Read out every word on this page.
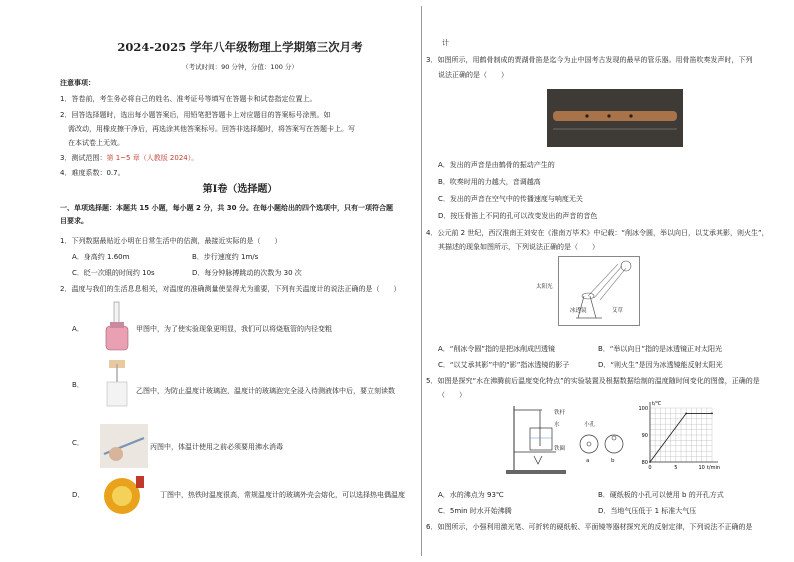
2024-2025 学年八年级物理上学期第三次月考
（考试时间：90 分钟，分值：100 分）
注意事项：
1．答卷前，考生务必将自己的姓名、准考证号等填写在答题卡和试卷指定位置上。
2．回答选择题时，选出每小题答案后，用铅笔把答题卡上对应题目的答案标号涂黑。如
需改动，用橡皮擦干净后，再选涂其他答案标号。回答非选择题时，将答案写在答题卡上。写
在本试卷上无效。
3．测试范围：第 1~5 章（人教版 2024）。
4．难度系数：0.7。
第Ⅰ卷（选择题）
一、单项选择题：本题共 15 小题，每小题 2 分，共 30 分。在每小题给出的四个选项中，只有一项符合题
目要求。
1．下列数据最贴近小明在日常生活中的估测，最接近实际的是（　　）
A．身高约 1.60m	B．步行速度约 1m/s
C．眨一次眼的时间约 10s	D．每分钟脉搏跳动的次数为 30 次
2．温度与我们的生活息息相关，对温度的准确测量使显得尤为重要，下列有关温度计的说法正确的是（　　）
A．	甲图中，为了使实验现象更明显，我们可以将烧瓶管的内径变粗
B．
乙图中，为防止温度计玻璃泡，温度计的玻璃泡完全浸入待测液体中后，要立刻读数
C．	丙图中，体温计使用之前必须要用沸水消毒
D．	丁图中，热铁时温度很高，常规温度计的玻璃外壳会熔化，可以选择热电偶温度
计
3．如图所示，用鹤骨制成的贾湖骨笛是迄今为止中国考古发现的最早的管乐器。用骨笛吹奏发声时，下列
说法正确的是（　　）
A．发出的声音是由鹤骨的振动产生的
B．吹奏时用的力越大，音调越高
C．发出的声音在空气中的传播速度与响度无关
D．按压骨笛上不同的孔可以改变发出的声音的音色
4．公元前 2 世纪，西汉淮南王刘安在《淮南万毕术》中记载：“削冰令圆，举以向日，以艾承其影，则火生”，
其描述的现象如图所示，下列说法正确的是（　　）
太阳光
冰透镜	艾草
A．“削冰令圆”指的是把冰削成凹透镜	B．“举以向日”指的是冰透镜正对太阳光
C．“以艾承其影”中的“影”指冰透镜的影子	D．“则火生”是因为冰透镜能反射太阳光
5．如图是探究“水在沸腾前后温度变化特点”的实验装置及根据数据绘制的温度随时间变化的图像，正确的是
（　　）
铁杆
水
铁圈
小孔
a	b
0	5	10
80
90
100
t/min
t/℃
A．水的沸点为 93℃	B．硬纸板的小孔可以使用 b 的开孔方式
C．5min 时水开始沸腾	D．当地气压低于 1 标准大气压
6．如图所示，小强利用激光笔、可折转的硬纸板、平面镜等器材探究光的反射定律，下列说法不正确的是
